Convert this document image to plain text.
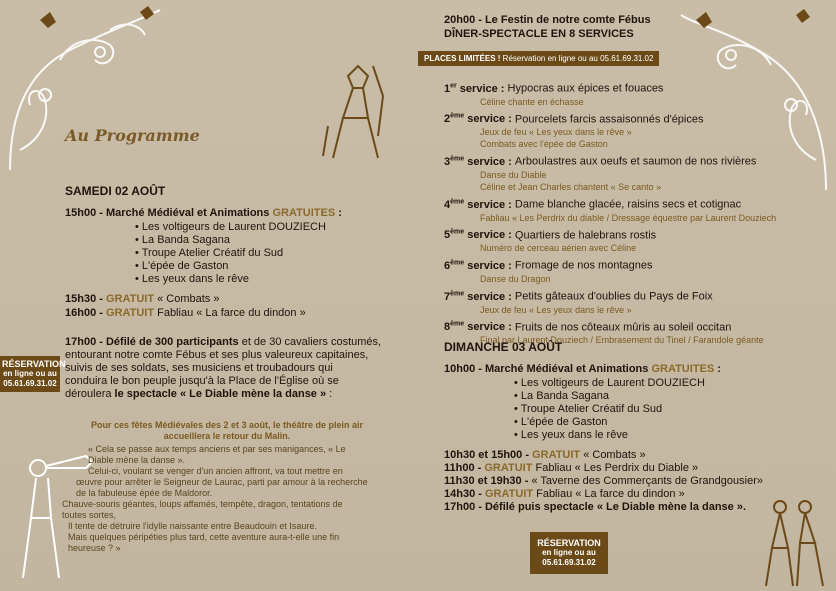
Au Programme
SAMEDI 02 AOÛT
15h00 - Marché Médiéval et Animations GRATUITES :
• Les voltigeurs de Laurent DOUZIECH
• La Banda Sagana
• Troupe Atelier Créatif du Sud
• L'épée de Gaston
• Les yeux dans le rêve
15h30 - GRATUIT « Combats »
16h00 - GRATUIT Fabliau « La farce du dindon »
17h00 - Défilé de 300 participants et de 30 cavaliers costumés,
entourant notre comte Fébus et ses plus valeureux capitaines,
suivis de ses soldats, ses musiciens et troubadours qui
conduira le bon peuple jusqu'à la Place de l'Église où se
déroulera le spectacle « Le Diable mène la danse » :
RÉSERVATION
en ligne ou au
05.61.69.31.02
Pour ces fêtes Médiévales des 2 et 3 août, le théâtre de plein air
accueillera le retour du Malin.
« Cela se passe aux temps anciens et par ses manigances, « Le
Diable mène la danse ».
Celui-ci, voulant se venger d'un ancien affront, va tout mettre en
œuvre pour arrêter le Seigneur de Laurac, parti par amour à la recherche
de la fabuleuse épée de Maldoror.
Chauve-souris géantes, loups affamés, tempête, dragon, tentations de
toutes sortes,
Il tente de détruire l'idylle naissante entre Beaudouin et Isaure.
Mais quelques péripéties plus tard, cette aventure aura-t-elle une fin
heureuse ? »
20h00 - Le Festin de notre comte Fébus
DÎNER-SPECTACLE EN 8 SERVICES
PLACES LIMITÉES ! Réservation en ligne ou au 05.61.69.31.02
1er service : Hypocras aux épices et fouaces
Céline chante en échasse
2ème service : Pourcelets farcis assaisonnés d'épices
Jeux de feu « Les yeux dans le rêve »
Combats avec l'épée de Gaston
3ème service : Arboulastres aux oeufs et saumon de nos rivières
Danse du Diable
Céline et Jean Charles chantent « Se canto »
4ème service : Dame blanche glacée, raisins secs et cotignac
Fabliau « Les Perdrix du diable / Dressage équestre par Laurent Douziech
5ème service : Quartiers de halebrans rostis
Numéro de cerceau aérien avec Céline
6ème service : Fromage de nos montagnes
Danse du Dragon
7ème service : Petits gâteaux d'oublies du Pays de Foix
Jeux de feu « Les yeux dans le rêve »
8ème service : Fruits de nos côteaux mûris au soleil occitan
Final par Laurent Douziech / Embrasement du Tinel / Farandole géante
DIMANCHE 03 AOÛT
10h00 - Marché Médiéval et Animations GRATUITES :
• Les voltigeurs de Laurent DOUZIECH
• La Banda Sagana
• Troupe Atelier Créatif du Sud
• L'épée de Gaston
• Les yeux dans le rêve
10h30 et 15h00 - GRATUIT « Combats »
11h00 - GRATUIT Fabliau « Les Perdrix du Diable »
11h30 et 19h30 - « Taverne des Commerçants de Grandgousier»
14h30 - GRATUIT Fabliau « La farce du dindon »
17h00 - Défilé puis spectacle « Le Diable mène la danse ».
RÉSERVATION
en ligne ou au
05.61.69.31.02
